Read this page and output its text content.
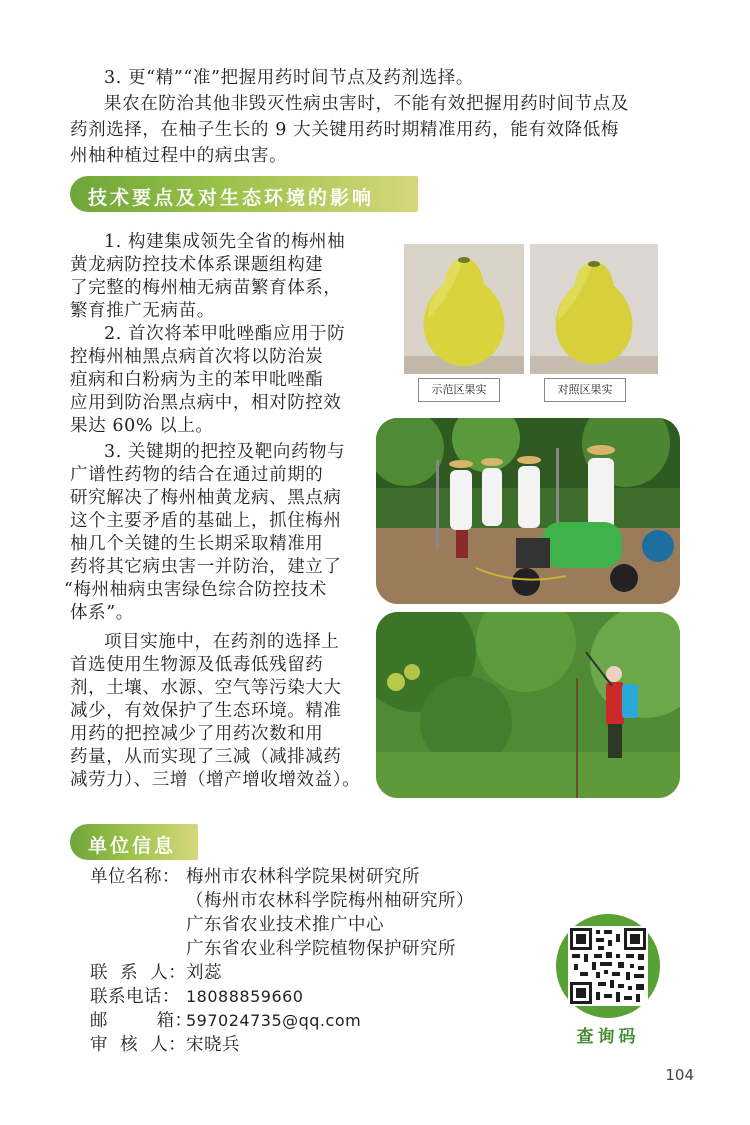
3. 更“精”“准”把握用药时间节点及药剂选择。

果农在防治其他非毁灭性病虫害时，不能有效把握用药时间节点及

药剂选择，在柚子生长的 9 大关键用药时期精准用药，能有效降低梅

州柚种植过程中的病虫害。

技术要点及对生态环境的影响

1. 构建集成领先全省的梅州柚

黄龙病防控技术体系课题组构建

了完整的梅州柚无病苗繁育体系，

繁育推广无病苗。

2. 首次将苯甲吡唑酯应用于防

控梅州柚黑点病首次将以防治炭

疽病和白粉病为主的苯甲吡唑酯

应用到防治黑点病中，相对防控效

果达 60% 以上。

3. 关键期的把控及靶向药物与

广谱性药物的结合在通过前期的

研究解决了梅州柚黄龙病、黑点病

这个主要矛盾的基础上，抓住梅州

柚几个关键的生长期采取精准用

药将其它病虫害一并防治，建立了

“梅州柚病虫害绿色综合防控技术

体系”。

项目实施中，在药剂的选择上

首选使用生物源及低毒低残留药

剂，土壤、水源、空气等污染大大

减少，有效保护了生态环境。精准

用药的把控减少了用药次数和用

药量，从而实现了三减（减排减药

减劳力）、三增（增产增收增效益）。

示范区果实	对照区果实

单位信息

单位名称： 梅州市农林科学院果树研究所
（梅州市农林科学院梅州柚研究所）
广东省农业技术推广中心
广东省农业科学院植物保护研究所
联  系  人：刘蕊
联系电话： 18088859660
邮        箱：597024735@qq.com
审  核  人：宋晓兵	查询码
104
